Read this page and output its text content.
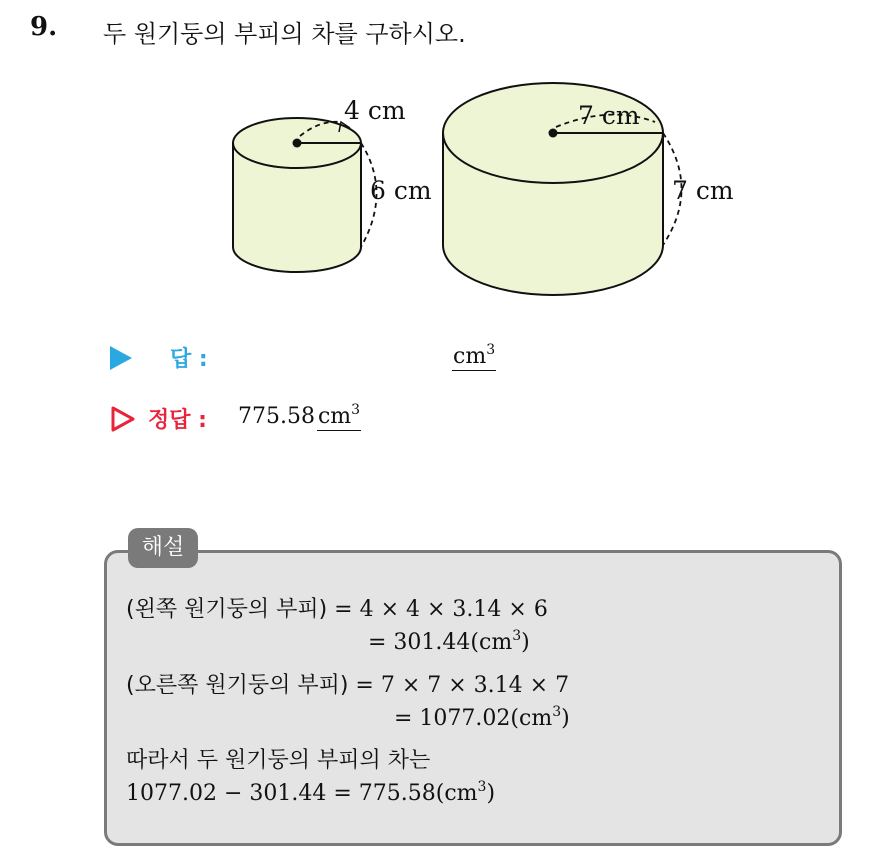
9. 두 원기둥의 부피의 차를 구하시오.
4 cm
6 cm
7 cm
7 cm
답 :	$cm^3$
정답 : 775.58 $cm^3$
해설
(왼쪽 원기둥의 부피) = 4 × 4 × 3.14 × 6
= $301.44(cm^3)$
(오른쪽 원기둥의 부피) = 7 × 7 × 3.14 × 7
= $1077.02(cm^3)$
따라서 두 원기둥의 부피의 차는
$1077.02 - 301.44 = 775.58(cm^3)$
